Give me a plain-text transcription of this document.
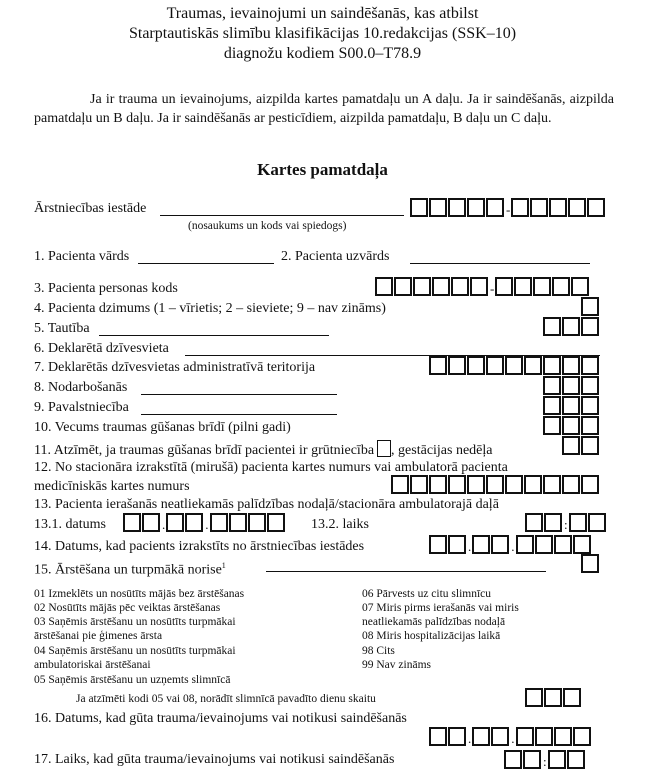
Traumas, ievainojumi un saindēšanās, kas atbilst
Starptautiskās slimību klasifikācijas 10.redakcijas (SSK–10)
diagnožu kodiem S00.0–T78.9
Ja ir trauma un ievainojums, aizpilda kartes pamatdaļu un A daļu. Ja ir saindēšanās, aizpilda pamatdaļu un B daļu. Ja ir saindēšanās ar pesticīdiem, aizpilda pamatdaļu, B daļu un C daļu.
Kartes pamatdaļa
Ārstniecības iestāde
(nosaukums un kods vai spiedogs)
-
1. Pacienta vārds	2. Pacienta uzvārds
3. Pacienta personas kods	-
4. Pacienta dzimums (1 – vīrietis; 2 – sieviete; 9 – nav zināms)
5. Tautība
6. Deklarētā dzīvesvieta
7. Deklarētās dzīvesvietas administratīvā teritorija
8. Nodarbošanās
9. Pavalstniecība
10. Vecums traumas gūšanas brīdī (pilni gadi)
11. Atzīmēt, ja traumas gūšanas brīdī pacientei ir grūtniecība , gestācijas nedēļa
12. No stacionāra izrakstītā (mirušā) pacienta kartes numurs vai ambulatorā pacienta
medicīniskās kartes numurs
13. Pacienta ierašanās neatliekamās palīdzības nodaļā/stacionāra ambulatorajā daļā
13.1. datums	.	.	13.2. laiks	:
14. Datums, kad pacients izrakstīts no ārstniecības iestādes	.	.
15. Ārstēšana un turpmākā norise$^1$
01 Izmeklēts un nosūtīts mājās bez ārstēšanas
02 Nosūtīts mājās pēc veiktas ārstēšanas
03 Saņēmis ārstēšanu un nosūtīts turpmākai
ārstēšanai pie ģimenes ārsta
04 Saņēmis ārstēšanu un nosūtīts turpmākai
ambulatoriskai ārstēšanai
05 Saņēmis ārstēšanu un uzņemts slimnīcā
06 Pārvests uz citu slimnīcu
07 Miris pirms ierašanās vai miris
neatliekamās palīdzības nodaļā
08 Miris hospitalizācijas laikā
98 Cits
99 Nav zināms
Ja atzīmēti kodi 05 vai 08, norādīt slimnīcā pavadīto dienu skaitu
16. Datums, kad gūta trauma/ievainojums vai notikusi saindēšanās
.	.
17. Laiks, kad gūta trauma/ievainojums vai notikusi saindēšanās	:
